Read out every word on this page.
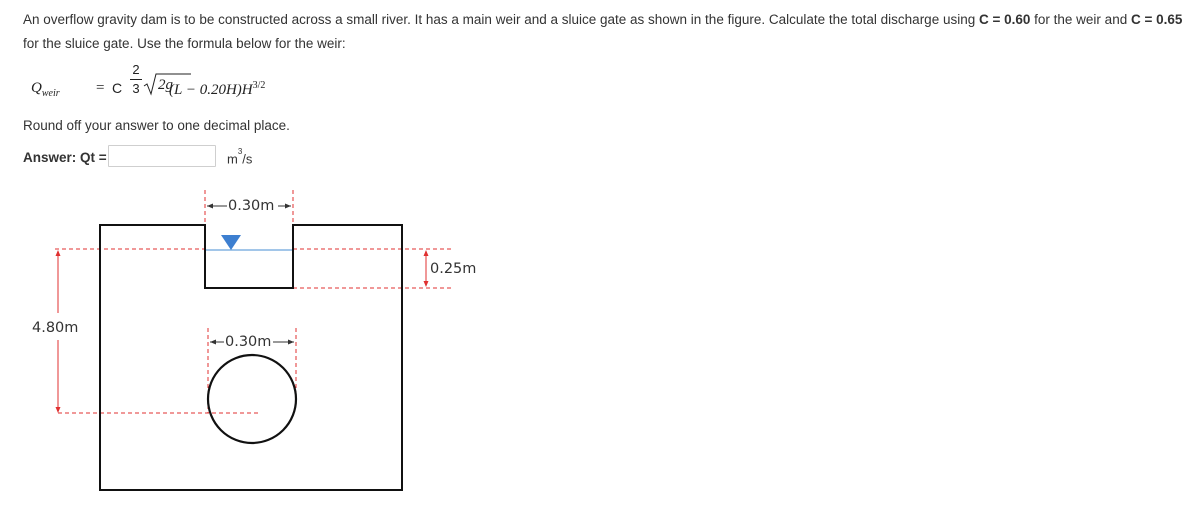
An overflow gravity dam is to be constructed across a small river. It has a main weir and a sluice gate as shown in the figure. Calculate the total discharge using C = 0.60 for the weir and C = 0.65 for the sluice gate. Use the formula below for the weir:
$Q_{weir} = C$
2
3 2g
$(L - 0.20H)H^{3/2}$
Round off your answer to one decimal place.
Answer: Qt =	$m^3/s$
0.30m
0.30m
0.25m
4.80m
